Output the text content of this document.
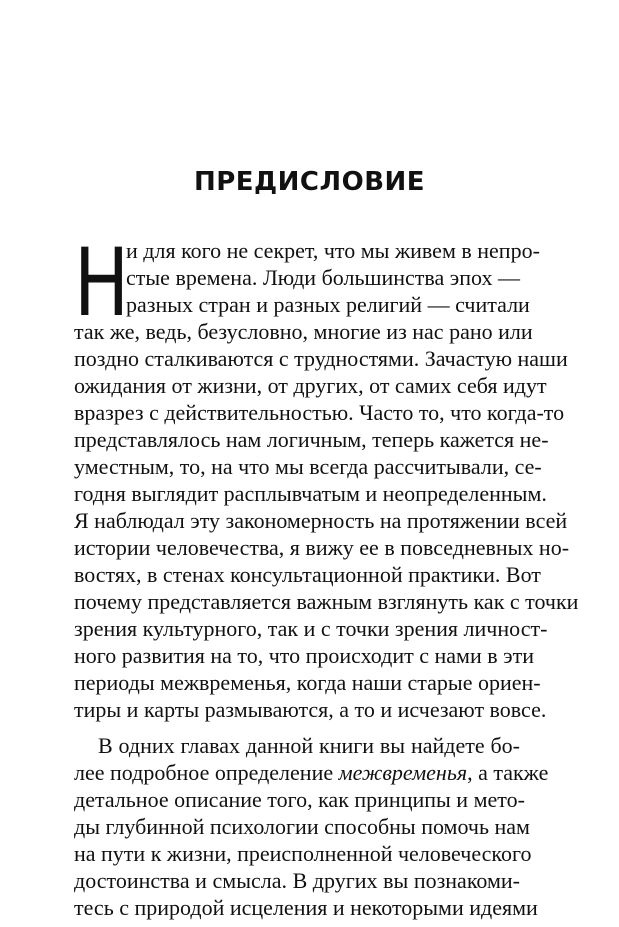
ПРЕДИСЛОВИЕ
Н
и для кого не секрет, что мы живем в непро-
стые времена. Люди большинства эпох —
разных стран и разных религий — считали
так же, ведь, безусловно, многие из нас рано или
поздно сталкиваются с трудностями. Зачастую наши
ожидания от жизни, от других, от самих себя идут
вразрез с действительностью. Часто то, что когда-то
представлялось нам логичным, теперь кажется не-
уместным, то, на что мы всегда рассчитывали, се-
годня выглядит расплывчатым и неопределенным.
Я наблюдал эту закономерность на протяжении всей
истории человечества, я вижу ее в повседневных но-
востях, в стенах консультационной практики. Вот
почему представляется важным взглянуть как с точки
зрения культурного, так и с точки зрения личност-
ного развития на то, что происходит с нами в эти
периоды межвременья, когда наши старые ориен-
тиры и карты размываются, а то и исчезают вовсе.
В одних главах данной книги вы найдете бо-
лее подробное определение межвременья, а также
детальное описание того, как принципы и мето-
ды глубинной психологии способны помочь нам
на пути к жизни, преисполненной человеческого
достоинства и смысла. В других вы познакоми-
тесь с природой исцеления и некоторыми идеями
